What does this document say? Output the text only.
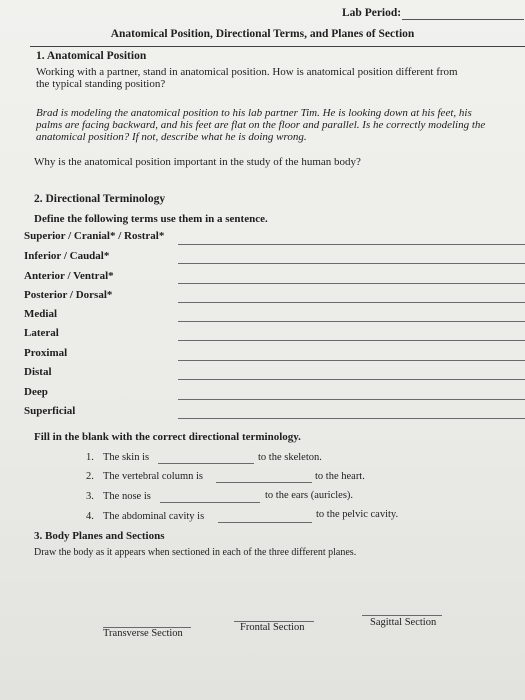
Lab Period:
Anatomical Position, Directional Terms, and Planes of Section
1. Anatomical Position
Working with a partner, stand in anatomical position. How is anatomical position different from
the typical standing position?
Brad is modeling the anatomical position to his lab partner Tim. He is looking down at his feet, his
palms are facing backward, and his feet are flat on the floor and parallel. Is he correctly modeling the
anatomical position? If not, describe what he is doing wrong.
Why is the anatomical position important in the study of the human body?
2. Directional Terminology
Define the following terms use them in a sentence.
Superior / Cranial* / Rostral*
Inferior / Caudal*
Anterior / Ventral*
Posterior / Dorsal*
Medial
Lateral
Proximal
Distal
Deep
Superficial
Fill in the blank with the correct directional terminology.
1. The skin is	to the skeleton.
2. The vertebral column is	to the heart.
3. The nose is	to the ears (auricles).
4. The abdominal cavity is	to the pelvic cavity.
3. Body Planes and Sections
Draw the body as it appears when sectioned in each of the three different planes.
Transverse Section
Frontal Section	Sagittal Section
